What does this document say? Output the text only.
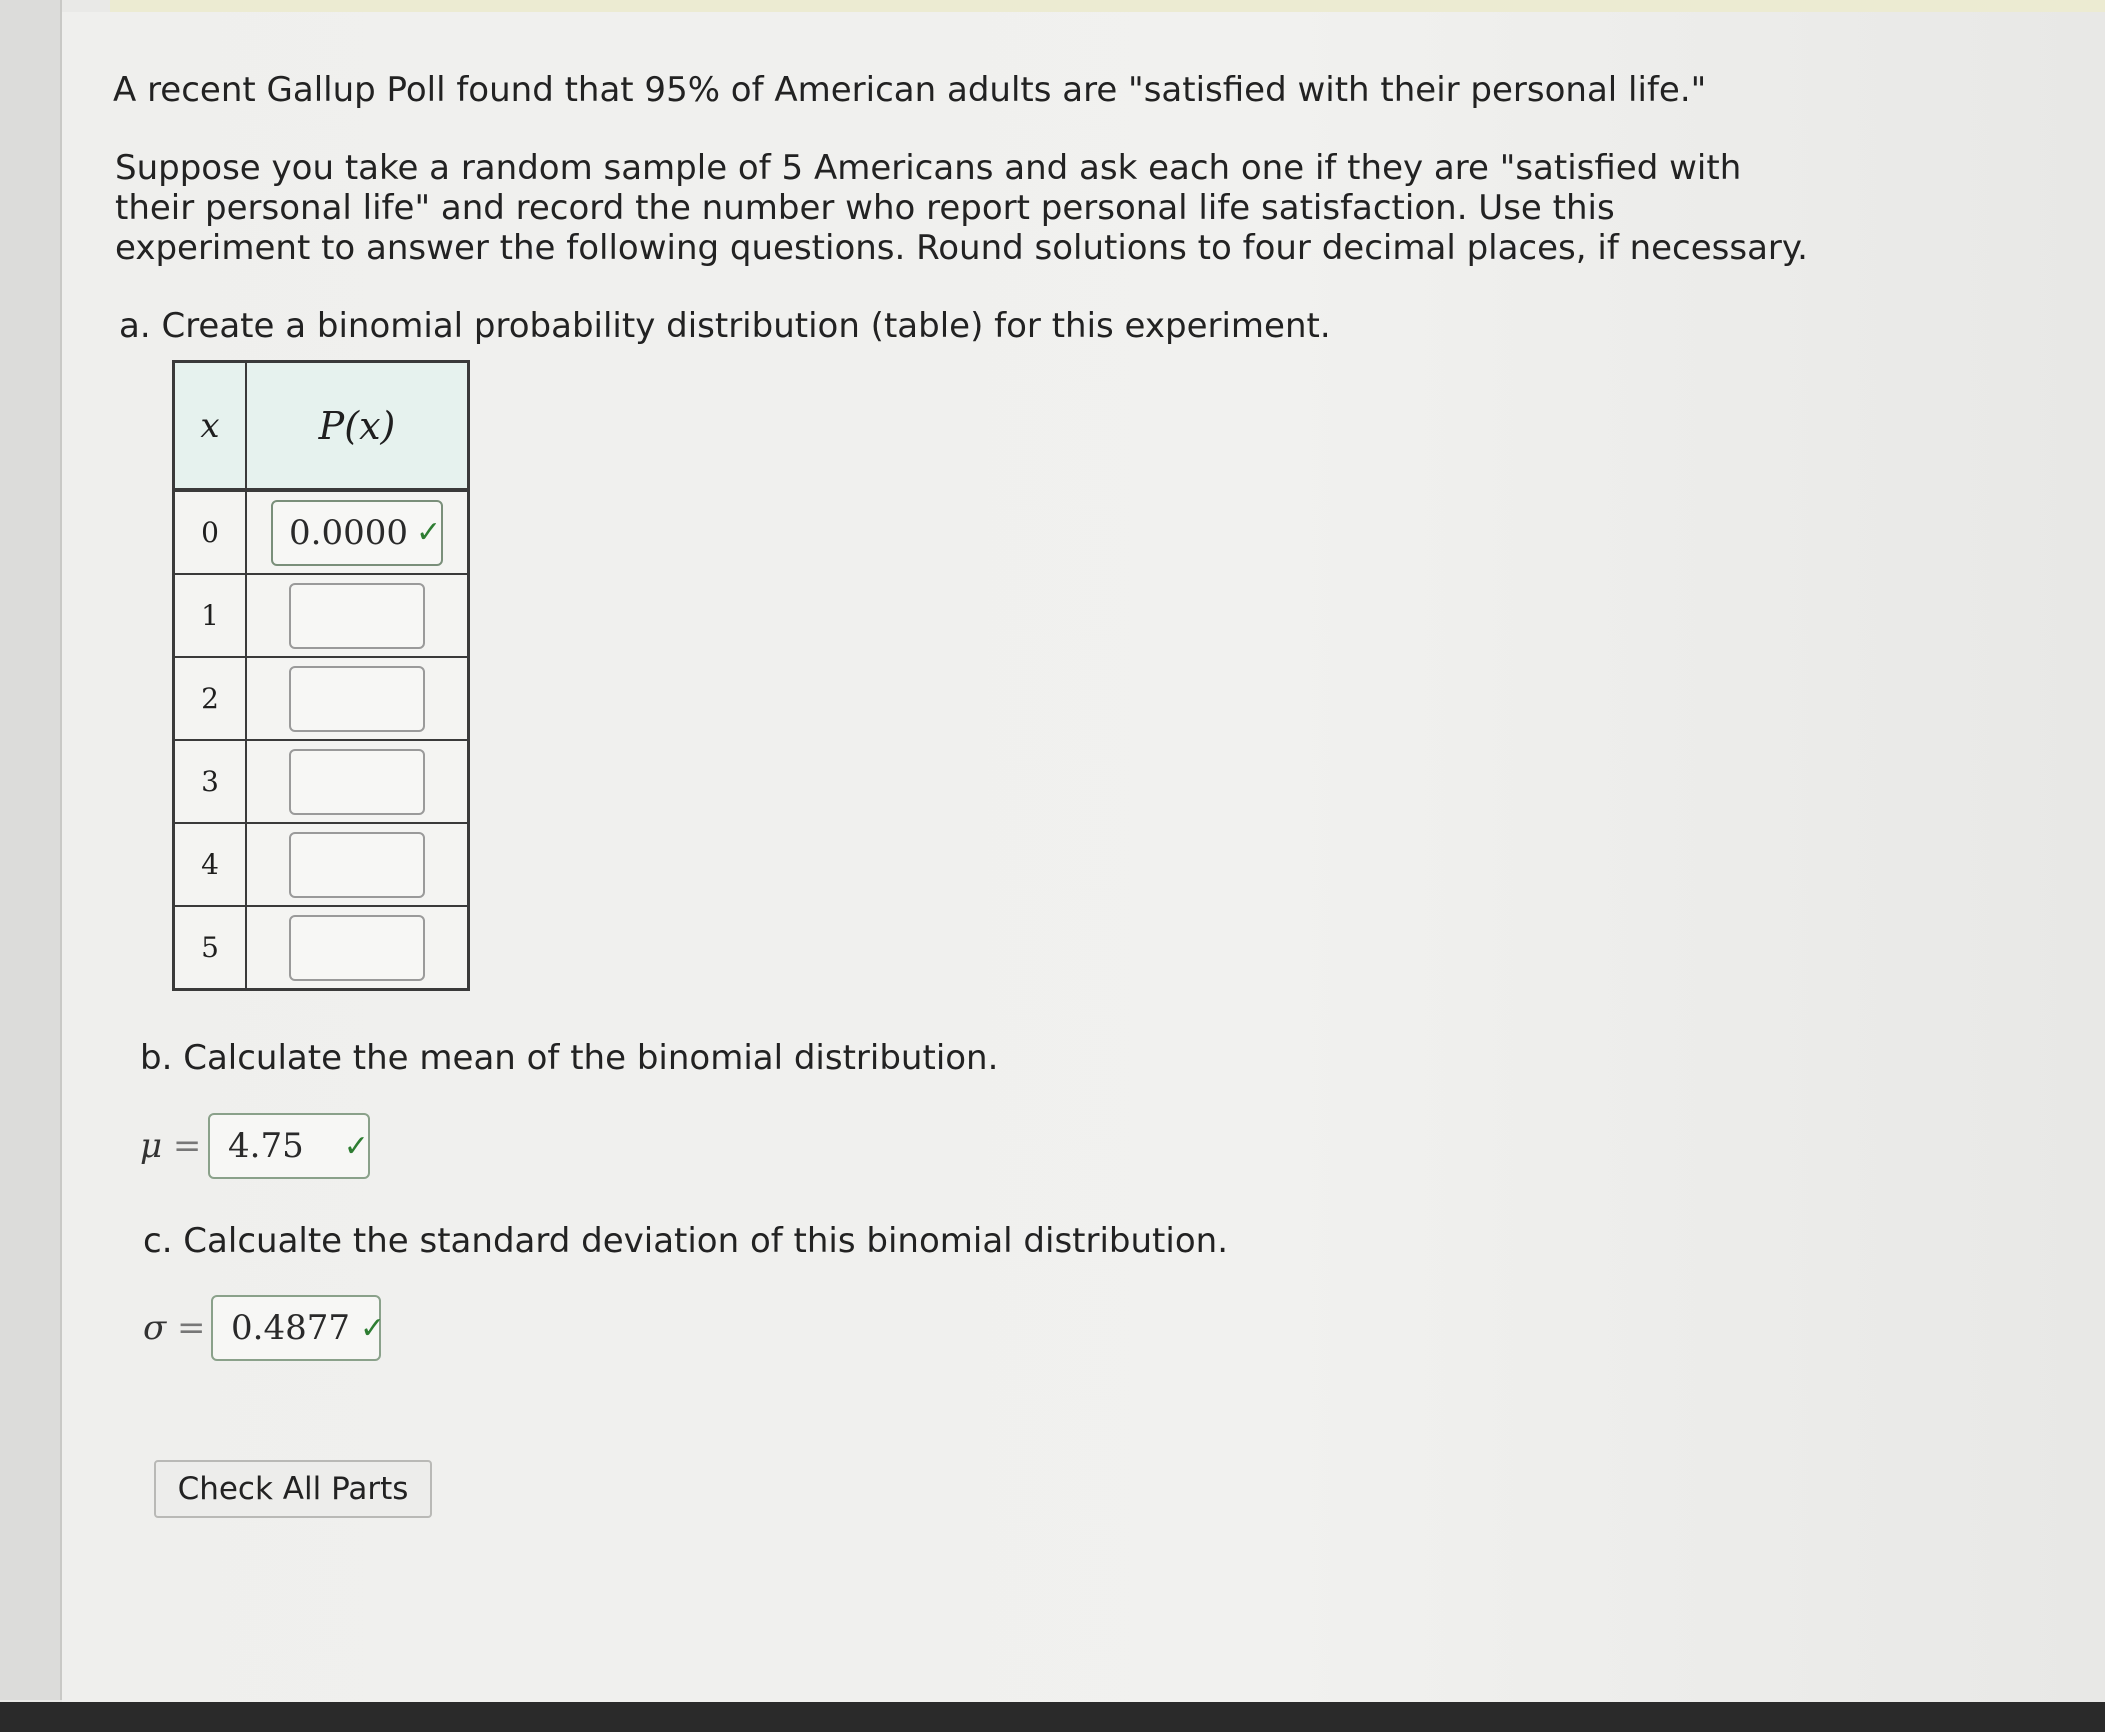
A recent Gallup Poll found that 95% of American adults are "satisfied with their personal life."
Suppose you take a random sample of 5 Americans and ask each one if they are "satisfied with their personal life" and record the number who report personal life satisfaction. Use this experiment to answer the following questions. Round solutions to four decimal places, if necessary.
a. Create a binomial probability distribution (table) for this experiment.
x	P(x)
0	0.0000 ✓
1
2
3
4
5
b. Calculate the mean of the binomial distribution.
μ = 4.75 ✓
c. Calcualte the standard deviation of this binomial distribution.
σ = 0.4877 ✓
Check All Parts
